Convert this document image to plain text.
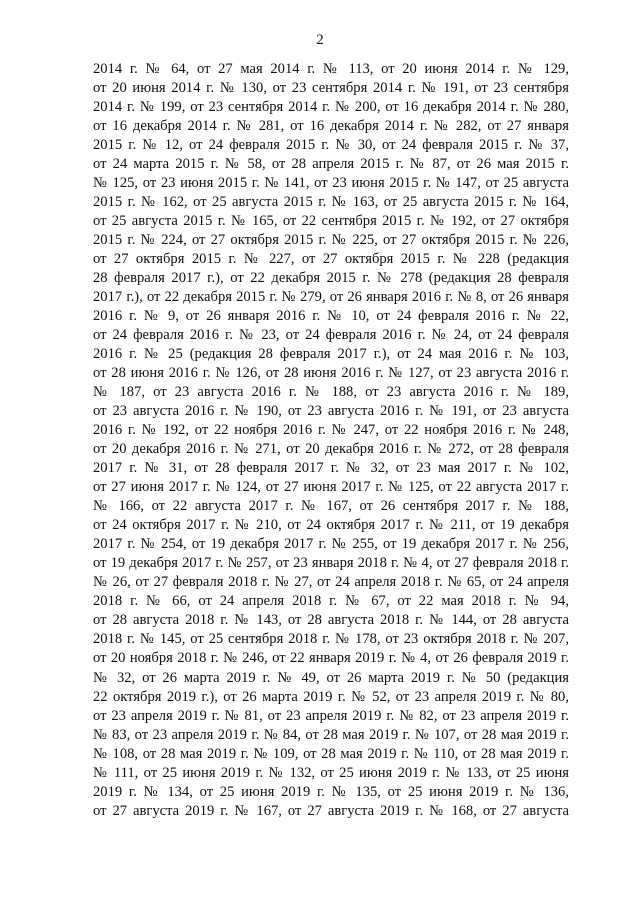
2
2014 г. № 64, от 27 мая 2014 г. № 113, от 20 июня 2014 г. № 129,
от 20 июня 2014 г. № 130, от 23 сентября 2014 г. № 191, от 23 сентября
2014 г. № 199, от 23 сентября 2014 г. № 200, от 16 декабря 2014 г. № 280,
от 16 декабря 2014 г. № 281, от 16 декабря 2014 г. № 282, от 27 января
2015 г. № 12, от 24 февраля 2015 г. № 30, от 24 февраля 2015 г. № 37,
от 24 марта 2015 г. № 58, от 28 апреля 2015 г. № 87, от 26 мая 2015 г.
№ 125, от 23 июня 2015 г. № 141, от 23 июня 2015 г. № 147, от 25 августа
2015 г. № 162, от 25 августа 2015 г. № 163, от 25 августа 2015 г. № 164,
от 25 августа 2015 г. № 165, от 22 сентября 2015 г. № 192, от 27 октября
2015 г. № 224, от 27 октября 2015 г. № 225, от 27 октября 2015 г. № 226,
от 27 октября 2015 г. № 227, от 27 октября 2015 г. № 228 (редакция
28 февраля 2017 г.), от 22 декабря 2015 г. № 278 (редакция 28 февраля
2017 г.), от 22 декабря 2015 г. № 279, от 26 января 2016 г. № 8, от 26 января
2016 г. № 9, от 26 января 2016 г. № 10, от 24 февраля 2016 г. № 22,
от 24 февраля 2016 г. № 23, от 24 февраля 2016 г. № 24, от 24 февраля
2016 г. № 25 (редакция 28 февраля 2017 г.), от 24 мая 2016 г. № 103,
от 28 июня 2016 г. № 126, от 28 июня 2016 г. № 127, от 23 августа 2016 г.
№ 187, от 23 августа 2016 г. № 188, от 23 августа 2016 г. № 189,
от 23 августа 2016 г. № 190, от 23 августа 2016 г. № 191, от 23 августа
2016 г. № 192, от 22 ноября 2016 г. № 247, от 22 ноября 2016 г. № 248,
от 20 декабря 2016 г. № 271, от 20 декабря 2016 г. № 272, от 28 февраля
2017 г. № 31, от 28 февраля 2017 г. № 32, от 23 мая 2017 г. № 102,
от 27 июня 2017 г. № 124, от 27 июня 2017 г. № 125, от 22 августа 2017 г.
№ 166, от 22 августа 2017 г. № 167, от 26 сентября 2017 г. № 188,
от 24 октября 2017 г. № 210, от 24 октября 2017 г. № 211, от 19 декабря
2017 г. № 254, от 19 декабря 2017 г. № 255, от 19 декабря 2017 г. № 256,
от 19 декабря 2017 г. № 257, от 23 января 2018 г. № 4, от 27 февраля 2018 г.
№ 26, от 27 февраля 2018 г. № 27, от 24 апреля 2018 г. № 65, от 24 апреля
2018 г. № 66, от 24 апреля 2018 г. № 67, от 22 мая 2018 г. № 94,
от 28 августа 2018 г. № 143, от 28 августа 2018 г. № 144, от 28 августа
2018 г. № 145, от 25 сентября 2018 г. № 178, от 23 октября 2018 г. № 207,
от 20 ноября 2018 г. № 246, от 22 января 2019 г. № 4, от 26 февраля 2019 г.
№ 32, от 26 марта 2019 г. № 49, от 26 марта 2019 г. № 50 (редакция
22 октября 2019 г.), от 26 марта 2019 г. № 52, от 23 апреля 2019 г. № 80,
от 23 апреля 2019 г. № 81, от 23 апреля 2019 г. № 82, от 23 апреля 2019 г.
№ 83, от 23 апреля 2019 г. № 84, от 28 мая 2019 г. № 107, от 28 мая 2019 г.
№ 108, от 28 мая 2019 г. № 109, от 28 мая 2019 г. № 110, от 28 мая 2019 г.
№ 111, от 25 июня 2019 г. № 132, от 25 июня 2019 г. № 133, от 25 июня
2019 г. № 134, от 25 июня 2019 г. № 135, от 25 июня 2019 г. № 136,
от 27 августа 2019 г. № 167, от 27 августа 2019 г. № 168, от 27 августа
